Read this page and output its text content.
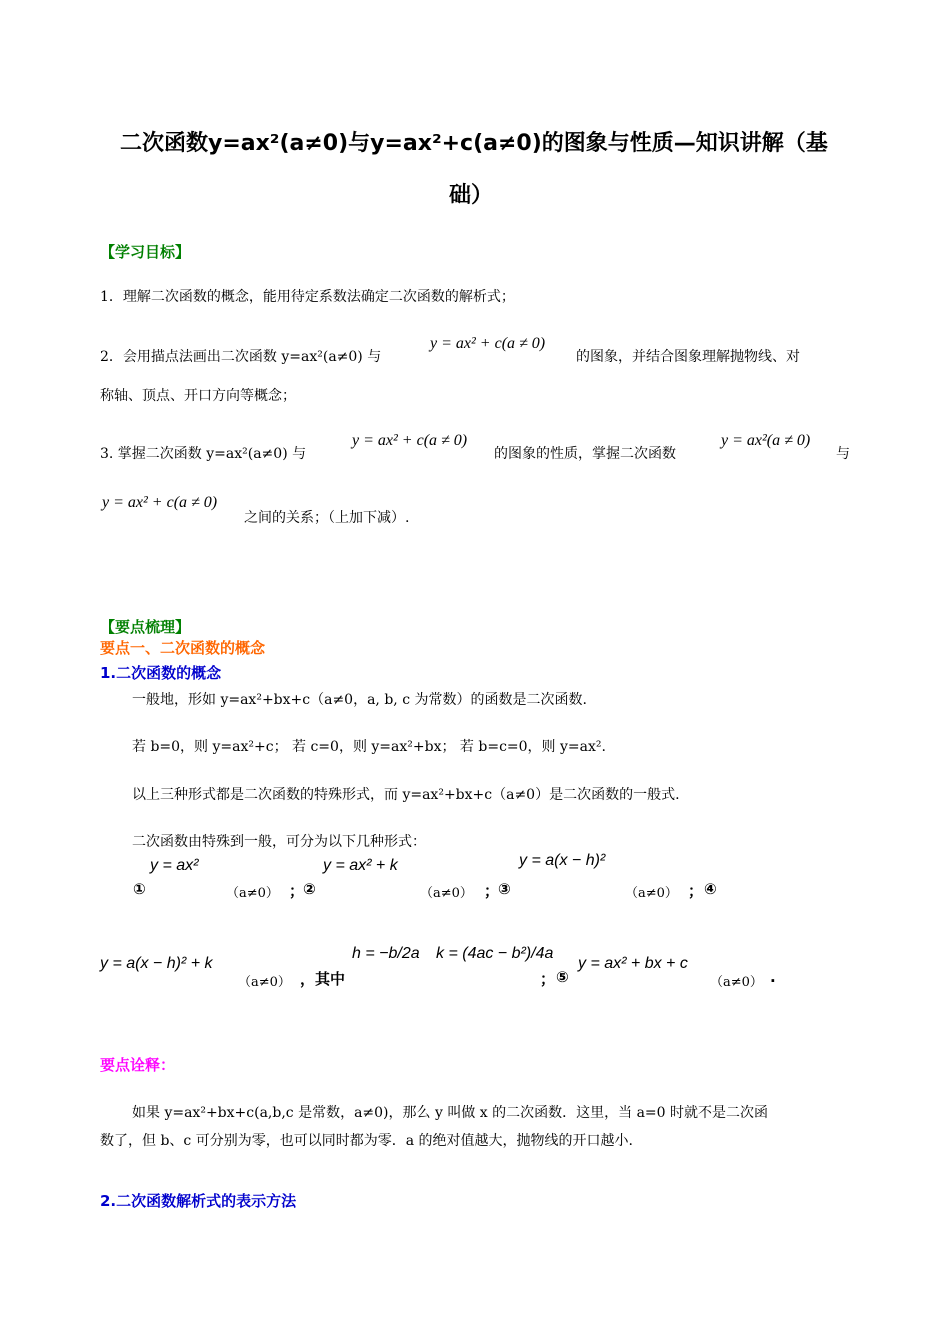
二次函数y=ax²(a≠0)与y=ax²+c(a≠0)的图象与性质—知识讲解（基
础）
【学习目标】
1．理解二次函数的概念，能用待定系数法确定二次函数的解析式；
2．会用描点法画出二次函数 y=ax²(a≠0) 与
y = ax² + c(a ≠ 0)
的图象，并结合图象理解抛物线、对
称轴、顶点、开口方向等概念；
3. 掌握二次函数 y=ax²(a≠0) 与
y = ax² + c(a ≠ 0)
的图象的性质，掌握二次函数
y = ax²(a ≠ 0)
与
y = ax² + c(a ≠ 0)
之间的关系；（上加下减）.
【要点梳理】
要点一、二次函数的概念
1.二次函数的概念
一般地，形如 y=ax²+bx+c（a≠0，a, b, c 为常数）的函数是二次函数.
若 b=0，则 y=ax²+c； 若 c=0，则 y=ax²+bx； 若 b=c=0，则 y=ax².
以上三种形式都是二次函数的特殊形式，而 y=ax²+bx+c（a≠0）是二次函数的一般式.
二次函数由特殊到一般，可分为以下几种形式：
y = ax²
①	（a≠0） ；
y = ax² + k
②	（a≠0） ；
y = a(x − h)²
③	（a≠0） ； ④
y = a(x − h)² + k
（a≠0） ，其中
h = −b/2a k = (4ac − b²)/4a
； ⑤
y = ax² + bx + c
（a≠0） .
要点诠释：
如果 y=ax²+bx+c(a,b,c 是常数，a≠0)，那么 y 叫做 x 的二次函数．这里，当 a=0 时就不是二次函
数了，但 b、c 可分别为零，也可以同时都为零．a 的绝对值越大，抛物线的开口越小.
2.二次函数解析式的表示方法
